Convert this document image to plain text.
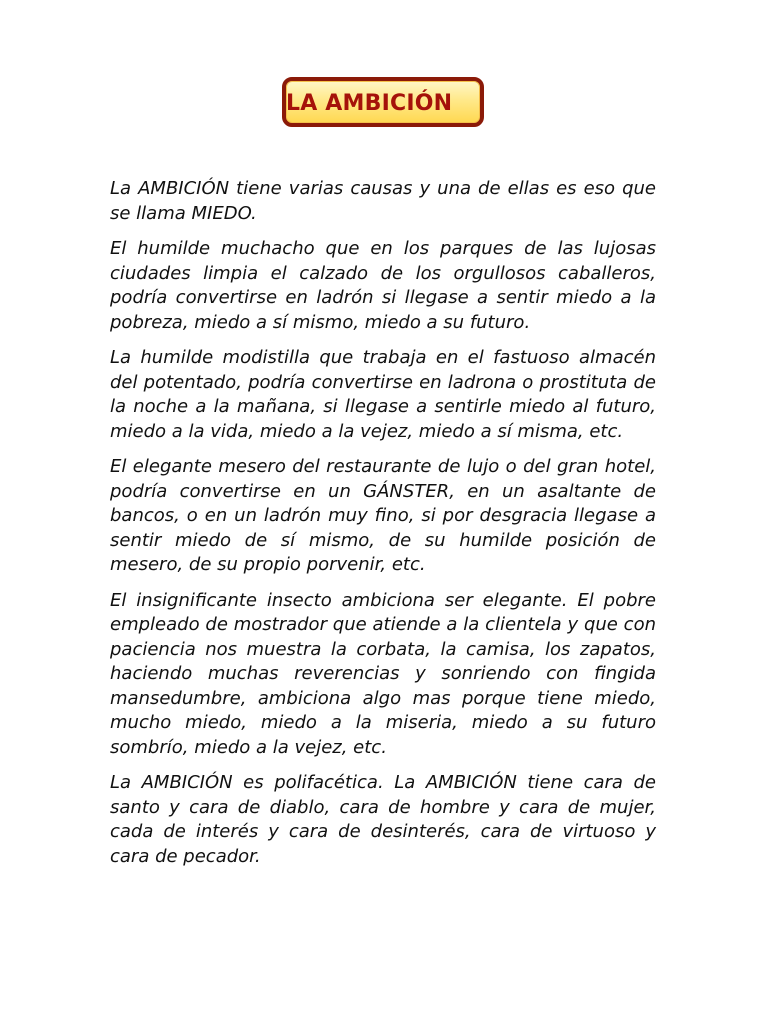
LA AMBICIÓN

La AMBICIÓN tiene varias causas y una de ellas es eso que se llama MIEDO.

El humilde muchacho que en los parques de las lujosas ciudades limpia el calzado de los orgullosos caballeros, podría convertirse en ladrón si llegase a sentir miedo a la pobreza, miedo a sí mismo, miedo a su futuro.

La humilde modistilla que trabaja en el fastuoso almacén del potentado, podría convertirse en ladrona o prostituta de la noche a la mañana, si llegase a sentirle miedo al futuro, miedo a la vida, miedo a la vejez, miedo a sí misma, etc.

El elegante mesero del restaurante de lujo o del gran hotel, podría convertirse en un GÁNSTER, en un asaltante de bancos, o en un ladrón muy fino, si por desgracia llegase a sentir miedo de sí mismo, de su humilde posición de mesero, de su propio porvenir, etc.

El insignificante insecto ambiciona ser elegante. El pobre empleado de mostrador que atiende a la clientela y que con paciencia nos muestra la corbata, la camisa, los zapatos, haciendo muchas reverencias y sonriendo con fingida mansedumbre, ambiciona algo mas porque tiene miedo, mucho miedo, miedo a la miseria, miedo a su futuro sombrío, miedo a la vejez, etc.

La AMBICIÓN es polifacética. La AMBICIÓN tiene cara de santo y cara de diablo, cara de hombre y cara de mujer, cada de interés y cara de desinterés, cara de virtuoso y cara de pecador.
